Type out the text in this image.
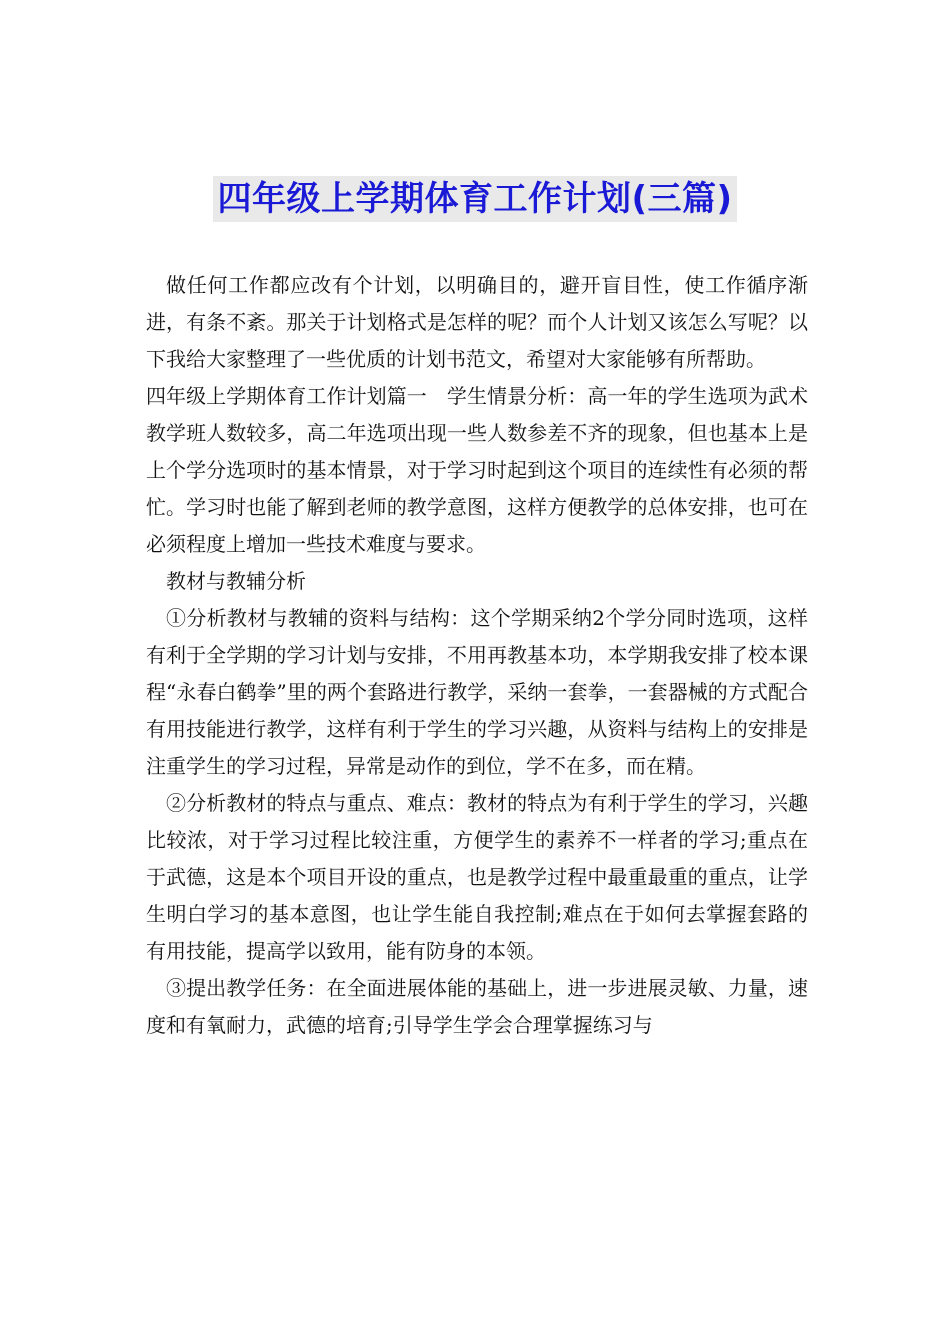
四年级上学期体育工作计划(三篇)

做任何工作都应改有个计划，以明确目的，避开盲目性，使工作循序渐进，有条不紊。那关于计划格式是怎样的呢？而个人计划又该怎么写呢？以下我给大家整理了一些优质的计划书范文，希望对大家能够有所帮助。

四年级上学期体育工作计划篇一　学生情景分析：高一年的学生选项为武术教学班人数较多，高二年选项出现一些人数参差不齐的现象，但也基本上是上个学分选项时的基本情景，对于学习时起到这个项目的连续性有必须的帮忙。学习时也能了解到老师的教学意图，这样方便教学的总体安排，也可在必须程度上增加一些技术难度与要求。

教材与教辅分析

①分析教材与教辅的资料与结构：这个学期采纳2个学分同时选项，这样有利于全学期的学习计划与安排，不用再教基本功，本学期我安排了校本课程“永春白鹤拳”里的两个套路进行教学，采纳一套拳，一套器械的方式配合有用技能进行教学，这样有利于学生的学习兴趣，从资料与结构上的安排是注重学生的学习过程，异常是动作的到位，学不在多，而在精。

②分析教材的特点与重点、难点：教材的特点为有利于学生的学习，兴趣比较浓，对于学习过程比较注重，方便学生的素养不一样者的学习;重点在于武德，这是本个项目开设的重点，也是教学过程中最重最重的重点，让学生明白学习的基本意图，也让学生能自我控制;难点在于如何去掌握套路的有用技能，提高学以致用，能有防身的本领。

③提出教学任务：在全面进展体能的基础上，进一步进展灵敏、力量，速度和有氧耐力，武德的培育;引导学生学会合理掌握练习与
